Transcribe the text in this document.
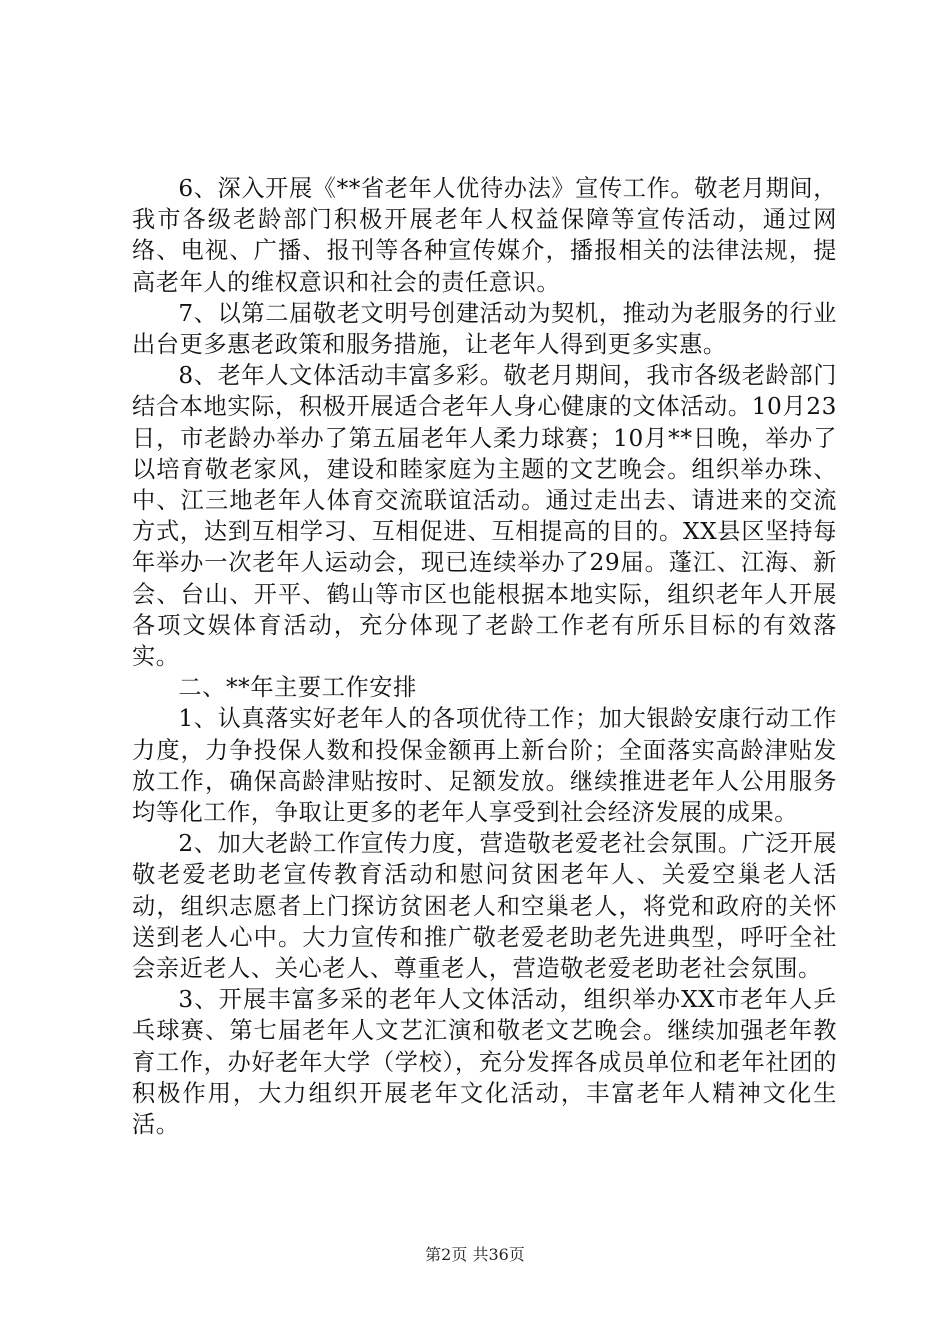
6、深入开展《**省老年人优待办法》宣传工作。敬老月期间，我市各级老龄部门积极开展老年人权益保障等宣传活动，通过网络、电视、广播、报刊等各种宣传媒介，播报相关的法律法规，提高老年人的维权意识和社会的责任意识。

7、以第二届敬老文明号创建活动为契机，推动为老服务的行业出台更多惠老政策和服务措施，让老年人得到更多实惠。

8、老年人文体活动丰富多彩。敬老月期间，我市各级老龄部门结合本地实际，积极开展适合老年人身心健康的文体活动。10月23日，市老龄办举办了第五届老年人柔力球赛；10月**日晚，举办了以培育敬老家风，建设和睦家庭为主题的文艺晚会。组织举办珠、中、江三地老年人体育交流联谊活动。通过走出去、请进来的交流方式，达到互相学习、互相促进、互相提高的目的。XX县区坚持每年举办一次老年人运动会，现已连续举办了29届。蓬江、江海、新会、台山、开平、鹤山等市区也能根据本地实际，组织老年人开展各项文娱体育活动，充分体现了老龄工作老有所乐目标的有效落实。

二、**年主要工作安排

1、认真落实好老年人的各项优待工作；加大银龄安康行动工作力度，力争投保人数和投保金额再上新台阶；全面落实高龄津贴发放工作，确保高龄津贴按时、足额发放。继续推进老年人公用服务均等化工作，争取让更多的老年人享受到社会经济发展的成果。

2、加大老龄工作宣传力度，营造敬老爱老社会氛围。广泛开展敬老爱老助老宣传教育活动和慰问贫困老年人、关爱空巢老人活动，组织志愿者上门探访贫困老人和空巢老人，将党和政府的关怀送到老人心中。大力宣传和推广敬老爱老助老先进典型，呼吁全社会亲近老人、关心老人、尊重老人，营造敬老爱老助老社会氛围。

3、开展丰富多采的老年人文体活动，组织举办XX市老年人乒乓球赛、第七届老年人文艺汇演和敬老文艺晚会。继续加强老年教育工作，办好老年大学（学校），充分发挥各成员单位和老年社团的积极作用，大力组织开展老年文化活动，丰富老年人精神文化生活。

第2页 共36页
